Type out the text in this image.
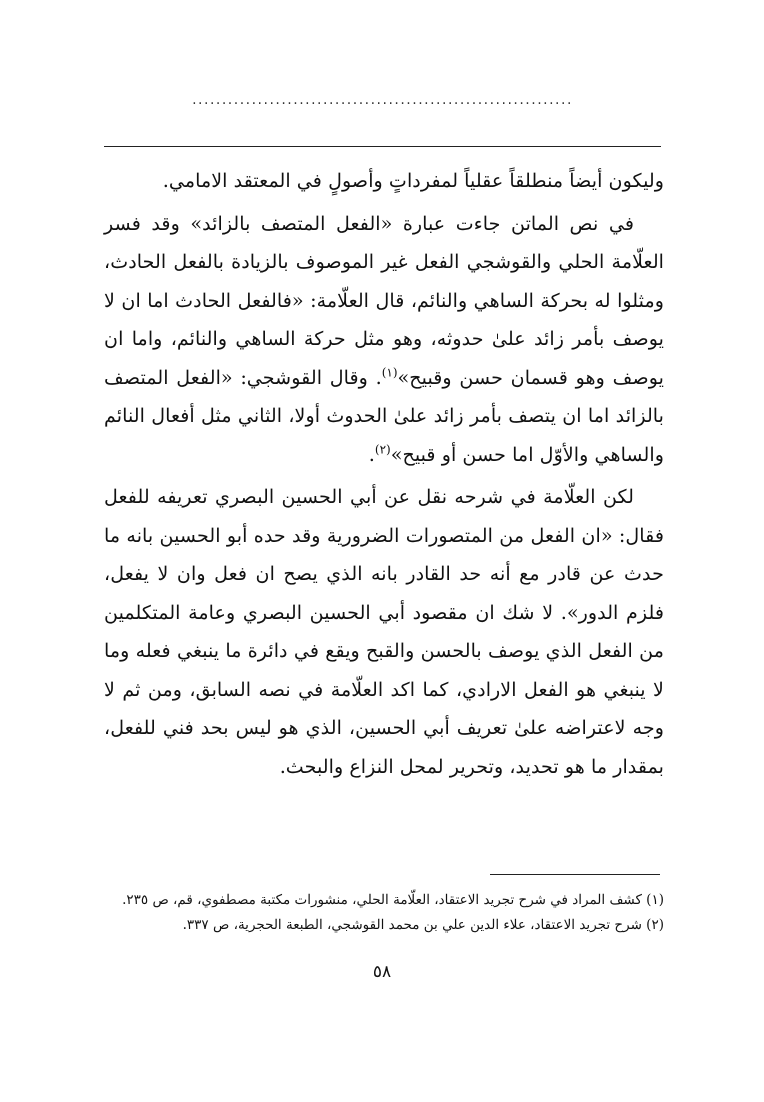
................................................................

وليكون أيضاً منطلقاً عقلياً لمفرداتٍ وأصولٍ في المعتقد الامامي.

في نص الماتن جاءت عبارة «الفعل المتصف بالزائد» وقد فسر العلّامة الحلي والقوشجي الفعل غير الموصوف بالزيادة بالفعل الحادث، ومثلوا له بحركة الساهي والنائم، قال العلّامة: «فالفعل الحادث اما ان لا يوصف بأمر زائد علىٰ حدوثه، وهو مثل حركة الساهي والنائم، واما ان يوصف وهو قسمان حسن وقبيح»$^{(١)}$. وقال القوشجي: «الفعل المتصف بالزائد اما ان يتصف بأمر زائد علىٰ الحدوث أولا، الثاني مثل أفعال النائم والساهي والأوّل اما حسن أو قبيح»$^{(٢)}$.

لكن العلّامة في شرحه نقل عن أبي الحسين البصري تعريفه للفعل فقال: «ان الفعل من المتصورات الضرورية وقد حده أبو الحسين بانه ما حدث عن قادر مع أنه حد القادر بانه الذي يصح ان فعل وان لا يفعل، فلزم الدور». لا شك ان مقصود أبي الحسين البصري وعامة المتكلمين من الفعل الذي يوصف بالحسن والقبح ويقع في دائرة ما ينبغي فعله وما لا ينبغي هو الفعل الارادي، كما اكد العلّامة في نصه السابق، ومن ثم لا وجه لاعتراضه علىٰ تعريف أبي الحسين، الذي هو ليس بحد فني للفعل، بمقدار ما هو تحديد، وتحرير لمحل النزاع والبحث.

(١) كشف المراد في شرح تجريد الاعتقاد، العلّامة الحلي، منشورات مكتبة مصطفوي، قم، ص ٢٣٥.

(٢) شرح تجريد الاعتقاد، علاء الدين علي بن محمد القوشجي، الطبعة الحجرية، ص ٣٣٧.

٥٨
